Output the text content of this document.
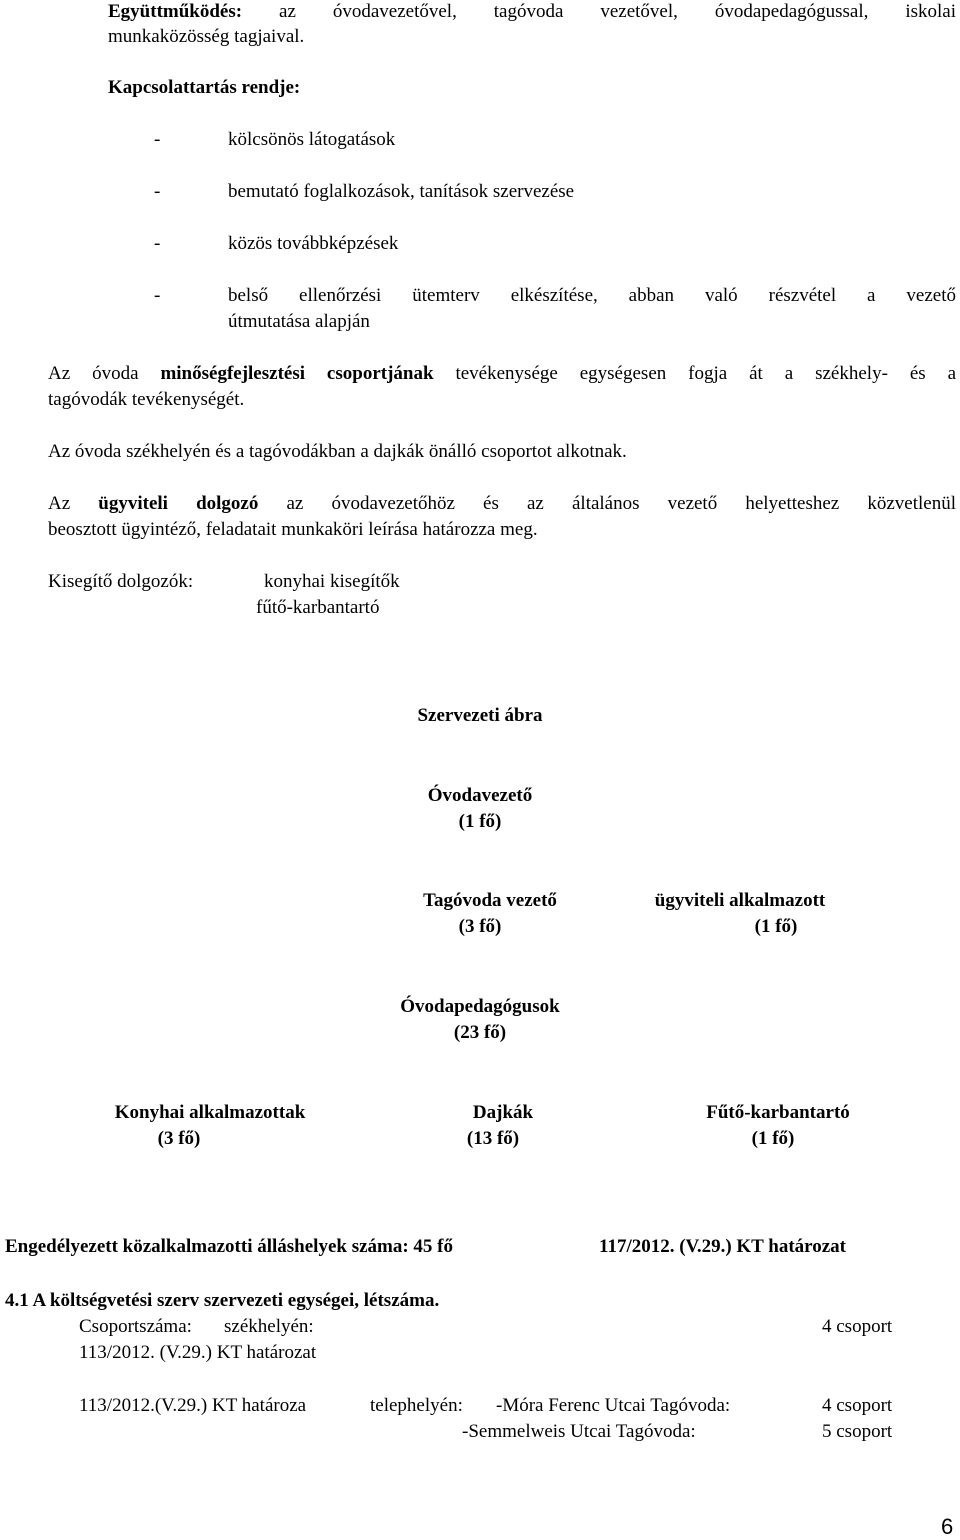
Együttműködés: az óvodavezetővel, tagóvoda vezetővel, óvodapedagógussal, iskolai
munkaközösség tagjaival.
Kapcsolattartás rendje:
-	kölcsönös látogatások
-	bemutató foglalkozások, tanítások szervezése
-	közös továbbképzések
-	belső ellenőrzési ütemterv elkészítése, abban való részvétel a vezető
útmutatása alapján
Az óvoda minőségfejlesztési csoportjának tevékenysége egységesen fogja át a székhely- és a
tagóvodák tevékenységét.
Az óvoda székhelyén és a tagóvodákban a dajkák önálló csoportot alkotnak.
Az ügyviteli dolgozó az óvodavezetőhöz és az általános vezető helyetteshez közvetlenül
beosztott ügyintéző, feladatait munkaköri leírása határozza meg.
Kisegítő dolgozók:	konyhai kisegítők
fűtő-karbantartó
Szervezeti ábra
Óvodavezető
(1 fő)
Tagóvoda vezető
(3 fő)
ügyviteli alkalmazott
(1 fő)
Óvodapedagógusok
(23 fő)
Konyhai alkalmazottak
(3 fő)
Dajkák
(13 fő)
Fűtő-karbantartó
(1 fő)
Engedélyezett közalkalmazotti álláshelyek száma: 45 fő	117/2012. (V.29.) KT határozat
4.1 A költségvetési szerv szervezeti egységei, létszáma.
Csoportszáma: székhelyén:	4 csoport
113/2012. (V.29.) KT határozat
113/2012.(V.29.) KT határoza	telephelyén: -Móra Ferenc Utcai Tagóvoda:	4 csoport
-Semmelweis Utcai Tagóvoda:	5 csoport
6
